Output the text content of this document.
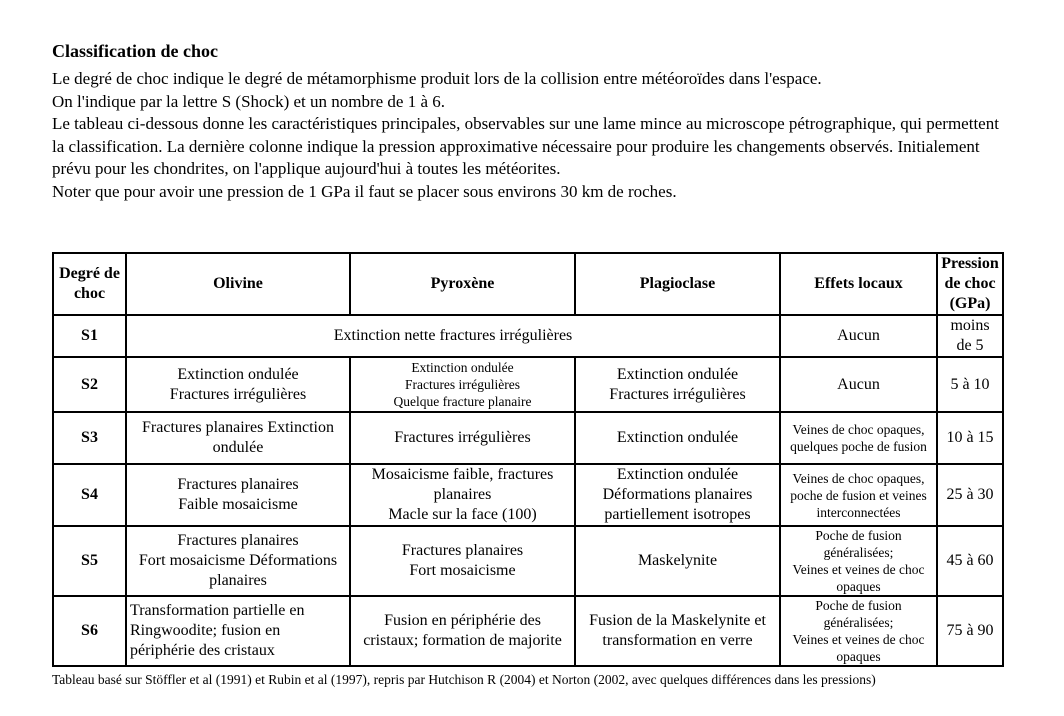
Classification de choc

Le degré de choc indique le degré de métamorphisme produit lors de la collision entre météoroïdes dans l'espace.

On l'indique par la lettre S (Shock) et un nombre de 1 à 6.

Le tableau ci-dessous donne les caractéristiques principales, observables sur une lame mince au microscope pétrographique, qui permettent la classification. La dernière colonne indique la pression approximative nécessaire pour produire les changements observés. Initialement prévu pour les chondrites, on l'applique aujourd'hui à toutes les météorites.

Noter que pour avoir une pression de 1 GPa il faut se placer sous environs 30 km de roches.

Degré de
choc	Olivine	Pyroxène	Plagioclase	Effets locaux	Pression
de choc
(GPa)

S1	Extinction nette fractures irrégulières			Aucun	moins
de 5

S2	Extinction ondulée
Fractures irrégulières	Extinction ondulée
Fractures irrégulières
Quelque fracture planaire	Extinction ondulée
Fractures irrégulières	Aucun	5 à 10

S3	Fractures planaires Extinction
ondulée	Fractures irrégulières	Extinction ondulée	Veines de choc opaques,
quelques poche de fusion	10 à 15

S4	Fractures planaires
Faible mosaicisme	Mosaicisme faible, fractures
planaires
Macle sur la face (100)	Extinction ondulée
Déformations planaires
partiellement isotropes	Veines de choc opaques,
poche de fusion et veines
interconnectées	25 à 30

S5	Fractures planaires
Fort mosaicisme Déformations
planaires	Fractures planaires
Fort mosaicisme	Maskelynite	Poche de fusion
généralisées;
Veines et veines de choc
opaques	45 à 60

S6	Transformation partielle en
Ringwoodite; fusion en
périphérie des cristaux	Fusion en périphérie des
cristaux; formation de majorite	Fusion de la Maskelynite et
transformation en verre	Poche de fusion
généralisées;
Veines et veines de choc
opaques	75 à 90
Tableau basé sur Stöffler et al (1991) et Rubin et al (1997), repris par Hutchison R (2004) et Norton (2002, avec quelques différences dans les pressions)
